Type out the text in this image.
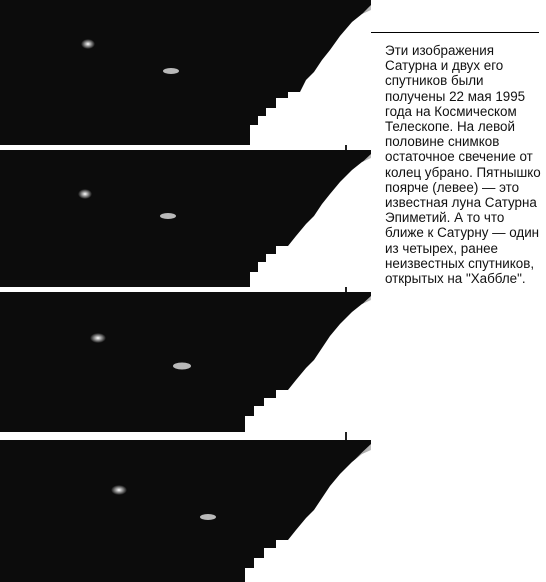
Эти изображения Сатурна и двух его спутников были получены 22 мая 1995 года на Космическом Телескопе. На левой половине снимков остаточное свечение от колец убрано. Пятнышко поярче (левее) — это известная луна Сатурна Эпиметий. А то что ближе к Сатурну — один из четырех, ранее неизвестных спутников, открытых на "Хаббле".
